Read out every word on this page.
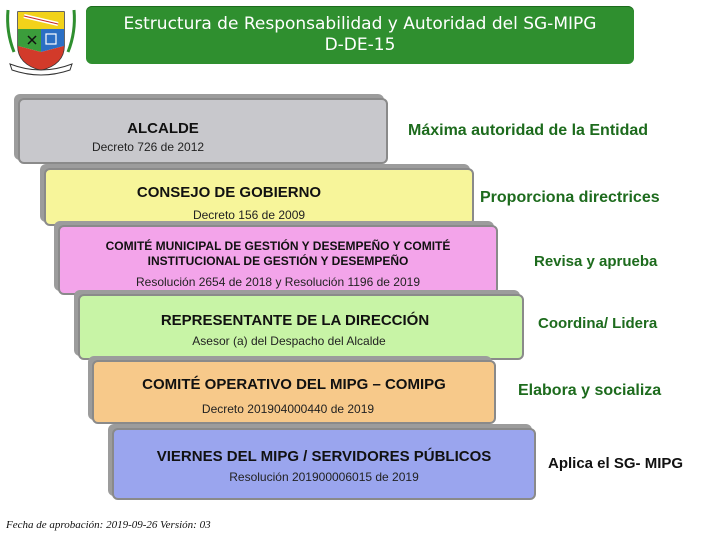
Estructura de Responsabilidad y Autoridad del SG-MIPG
D-DE-15
ALCALDE
Decreto 726 de 2012
Máxima autoridad de la Entidad
CONSEJO DE GOBIERNO
Decreto 156 de 2009
Proporciona directrices
COMITÉ MUNICIPAL DE GESTIÓN Y DESEMPEÑO Y COMITÉ INSTITUCIONAL DE GESTIÓN Y DESEMPEÑO
Resolución 2654 de 2018 y Resolución 1196 de 2019
Revisa y aprueba
REPRESENTANTE DE LA DIRECCIÓN
Asesor (a) del Despacho del Alcalde
Coordina/ Lidera
COMITÉ OPERATIVO DEL MIPG – COMIPG
Decreto 201904000440 de 2019
Elabora y socializa
VIERNES DEL MIPG / SERVIDORES PÚBLICOS
Resolución 201900006015 de 2019
Aplica el SG- MIPG
Fecha de aprobación: 2019-09-26 Versión: 03
